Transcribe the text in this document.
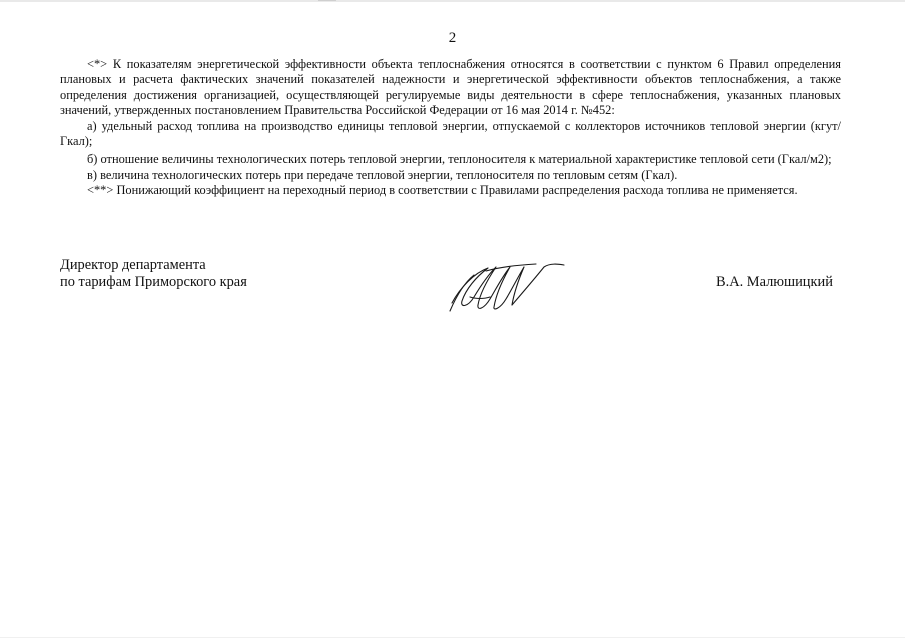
2

<*> К показателям энергетической эффективности объекта теплоснабжения относятся в соответствии с пунктом 6 Правил определения плановых и расчета фактических значений показателей надежности и энергетической эффективности объектов теплоснабжения, а также определения достижения организацией, осуществляющей регулируемые виды деятельности в сфере теплоснабжения, указанных плановых значений, утвержденных постановлением Правительства Российской Федерации от 16 мая 2014 г. №452:

а) удельный расход топлива на производство единицы тепловой энергии, отпускаемой с коллекторов источников тепловой энергии (кгут/Гкал);

б) отношение величины технологических потерь тепловой энергии, теплоносителя к материальной характеристике тепловой сети (Гкал/м2);

в) величина технологических потерь при передаче тепловой энергии, теплоносителя по тепловым сетям (Гкал).

<**> Понижающий коэффициент на переходный период в соответствии с Правилами распределения расхода топлива не применяется.

Директор департамента
по тарифам Приморского края	В.А. Малюшицкий
